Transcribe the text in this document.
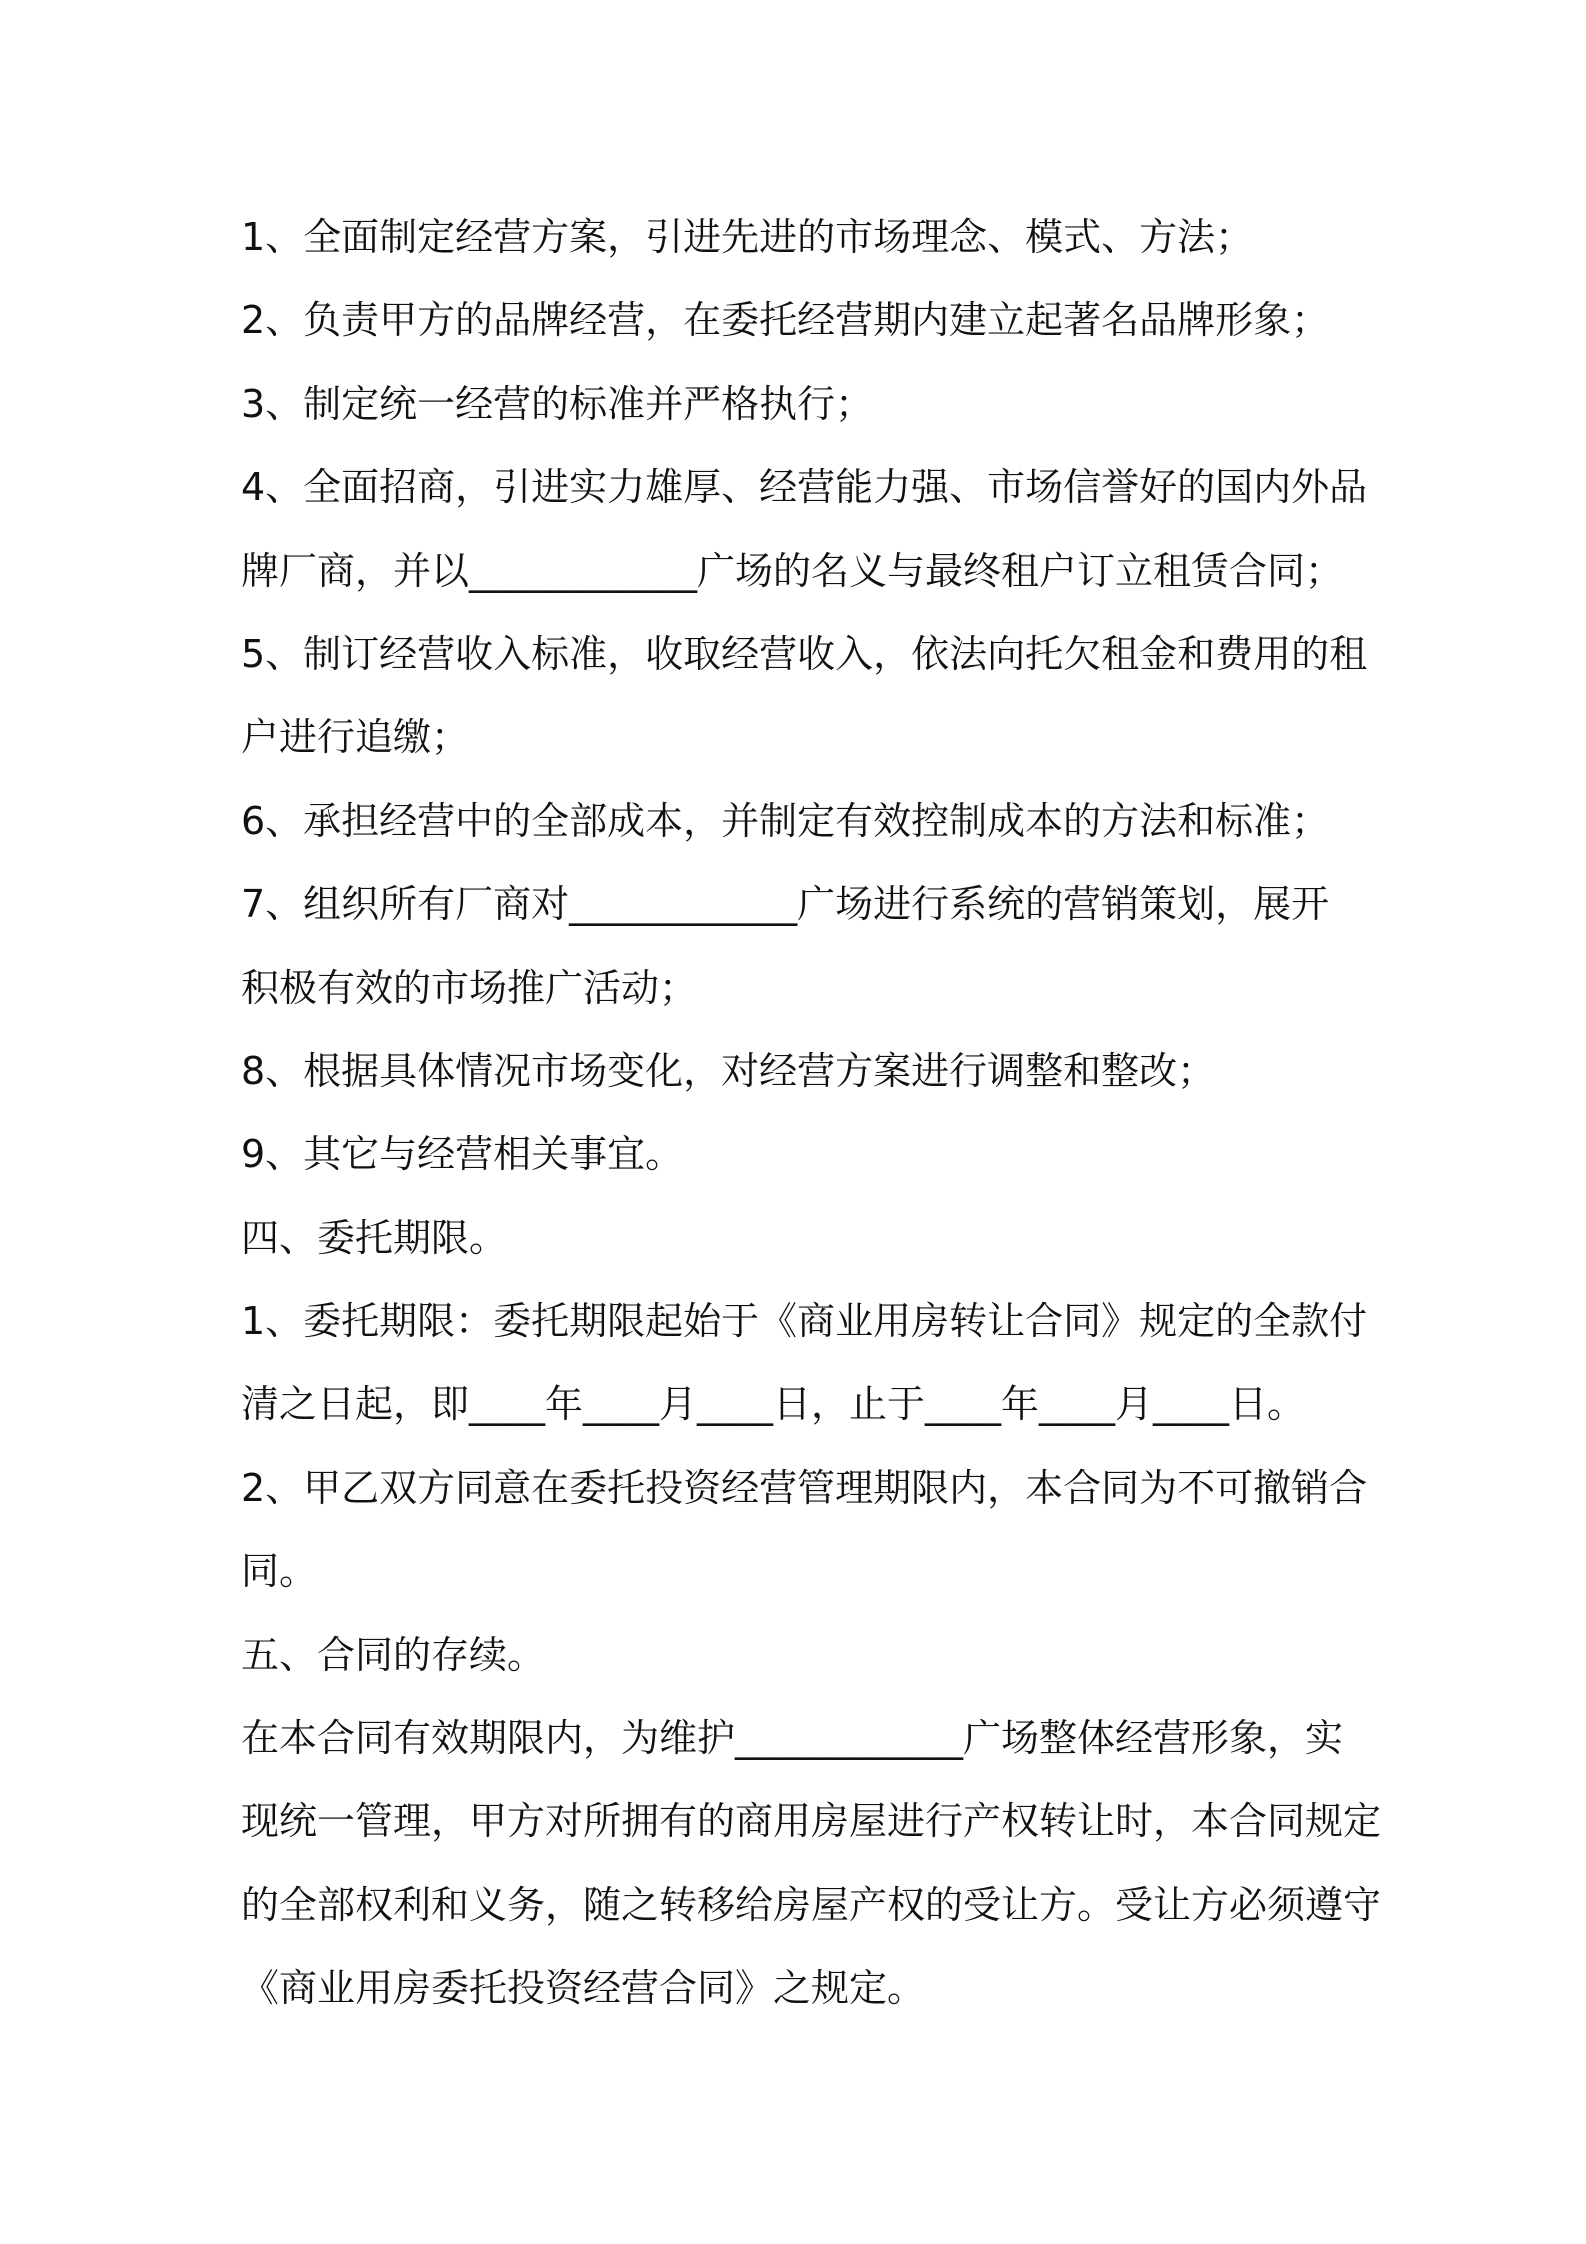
1、全面制定经营方案，引进先进的市场理念、模式、方法；

2、负责甲方的品牌经营，在委托经营期内建立起著名品牌形象；

3、制定统一经营的标准并严格执行；

4、全面招商，引进实力雄厚、经营能力强、市场信誉好的国内外品

牌厂商，并以____________广场的名义与最终租户订立租赁合同；

5、制订经营收入标准，收取经营收入，依法向托欠租金和费用的租

户进行追缴；

6、承担经营中的全部成本，并制定有效控制成本的方法和标准；

7、组织所有厂商对____________广场进行系统的营销策划，展开

积极有效的市场推广活动；

8、根据具体情况市场变化，对经营方案进行调整和整改；

9、其它与经营相关事宜。

四、委托期限。

1、委托期限：委托期限起始于《商业用房转让合同》规定的全款付

清之日起，即____年____月____日，止于____年____月____日。

2、甲乙双方同意在委托投资经营管理期限内，本合同为不可撤销合

同。

五、合同的存续。

在本合同有效期限内，为维护____________广场整体经营形象，实

现统一管理，甲方对所拥有的商用房屋进行产权转让时，本合同规定

的全部权利和义务，随之转移给房屋产权的受让方。受让方必须遵守

《商业用房委托投资经营合同》之规定。
